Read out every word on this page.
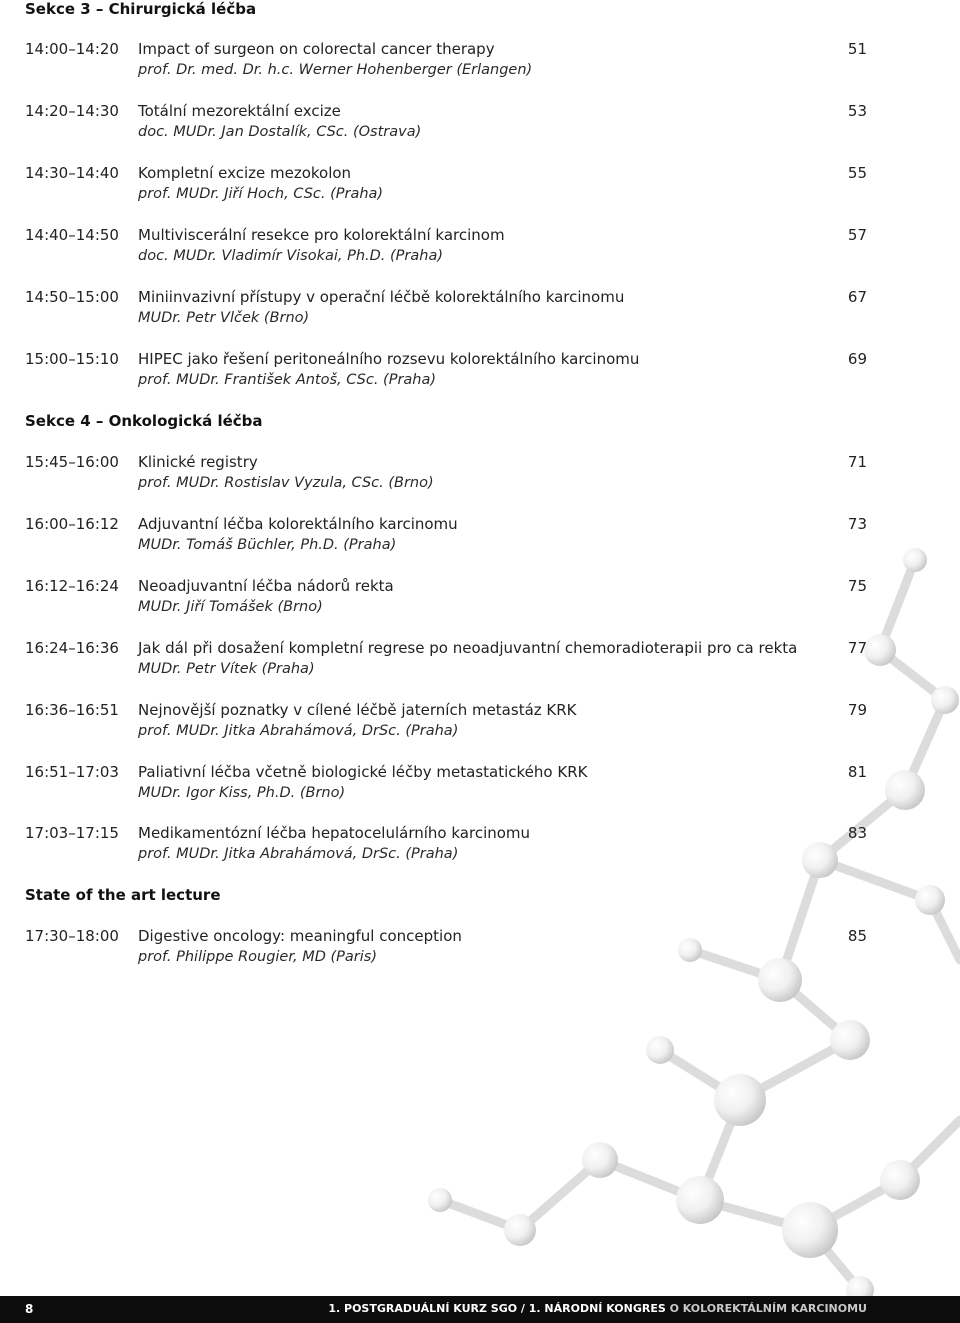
Sekce 3 – Chirurgická léčba
14:00–14:20 Impact of surgeon on colorectal cancer therapy
prof. Dr. med. Dr. h.c. Werner Hohenberger (Erlangen)
51
14:20–14:30 Totální mezorektální excize
doc. MUDr. Jan Dostalík, CSc. (Ostrava)
53
14:30–14:40 Kompletní excize mezokolon
prof. MUDr. Jiří Hoch, CSc. (Praha)
55
14:40–14:50 Multiviscerální resekce pro kolorektální karcinom
doc. MUDr. Vladimír Visokai, Ph.D. (Praha)
57
14:50–15:00 Miniinvazivní přístupy v operační léčbě kolorektálního karcinomu
MUDr. Petr Vlček (Brno)
67
15:00–15:10 HIPEC jako řešení peritoneálního rozsevu kolorektálního karcinomu
prof. MUDr. František Antoš, CSc. (Praha)
69
Sekce 4 – Onkologická léčba
15:45–16:00 Klinické registry
prof. MUDr. Rostislav Vyzula, CSc. (Brno)
71
16:00–16:12 Adjuvantní léčba kolorektálního karcinomu
MUDr. Tomáš Büchler, Ph.D. (Praha)
73
16:12–16:24 Neoadjuvantní léčba nádorů rekta
MUDr. Jiří Tomášek (Brno)
75
16:24–16:36 Jak dál při dosažení kompletní regrese po neoadjuvantní chemoradioterapii pro ca rekta
MUDr. Petr Vítek (Praha)
77
16:36–16:51 Nejnovější poznatky v cílené léčbě jaterních metastáz KRK
prof. MUDr. Jitka Abrahámová, DrSc. (Praha)
79
16:51–17:03 Paliativní léčba včetně biologické léčby metastatického KRK
MUDr. Igor Kiss, Ph.D. (Brno)
81
17:03–17:15 Medikamentózní léčba hepatocelulárního karcinomu
prof. MUDr. Jitka Abrahámová, DrSc. (Praha)
83
State of the art lecture
17:30–18:00 Digestive oncology: meaningful conception
prof. Philippe Rougier, MD (Paris)
85
8	1. POSTGRADUÁLNÍ KURZ SGO / 1. NÁRODNÍ KONGRES O KOLOREKTÁLNÍM KARCINOMU
